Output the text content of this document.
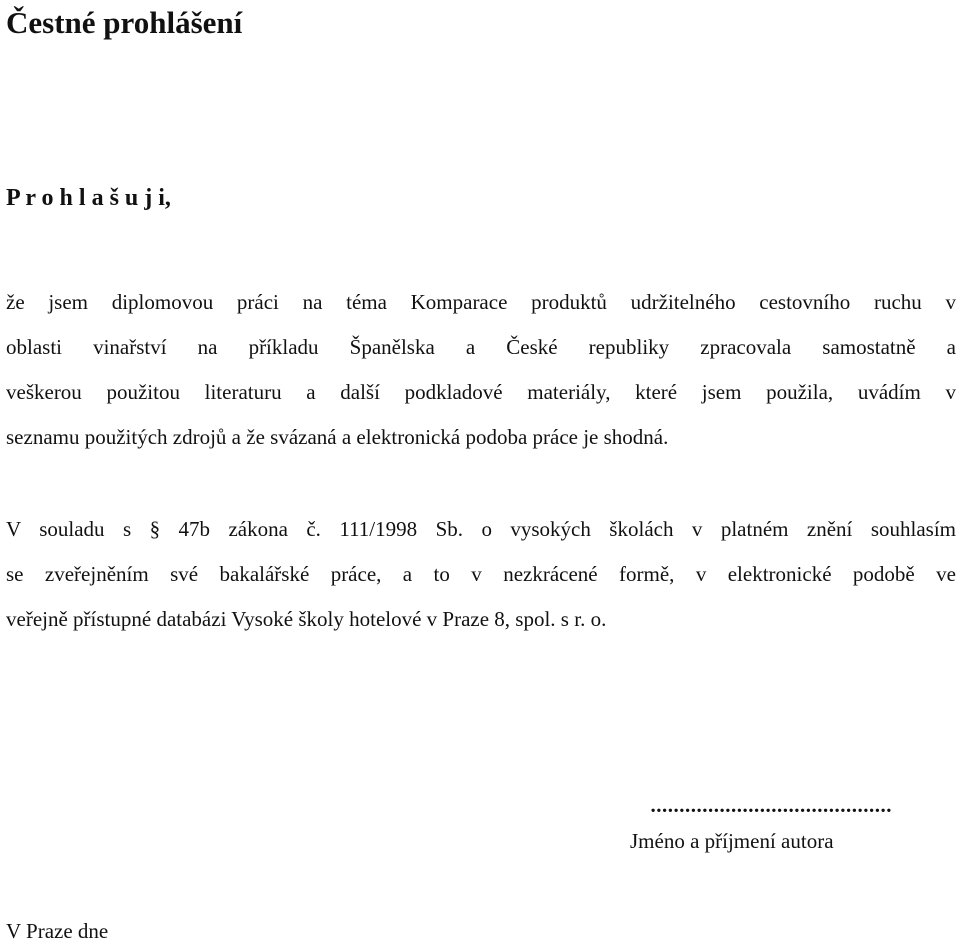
Čestné prohlášení

P r o h l a š u j i,

že jsem diplomovou práci na téma Komparace produktů udržitelného cestovního ruchu v
oblasti vinařství na příkladu Španělska a České republiky zpracovala samostatně a
veškerou použitou literaturu a další podkladové materiály, které jsem použila, uvádím v
seznamu použitých zdrojů a že svázaná a elektronická podoba práce je shodná.
V souladu s § 47b zákona č. 111/1998 Sb. o vysokých školách v platném znění souhlasím
se zveřejněním své bakalářské práce, a to v nezkrácené formě, v elektronické podobě ve
veřejně přístupné databázi Vysoké školy hotelové v Praze 8, spol. s r. o.

..........................................

Jméno a příjmení autora

V Praze dne
